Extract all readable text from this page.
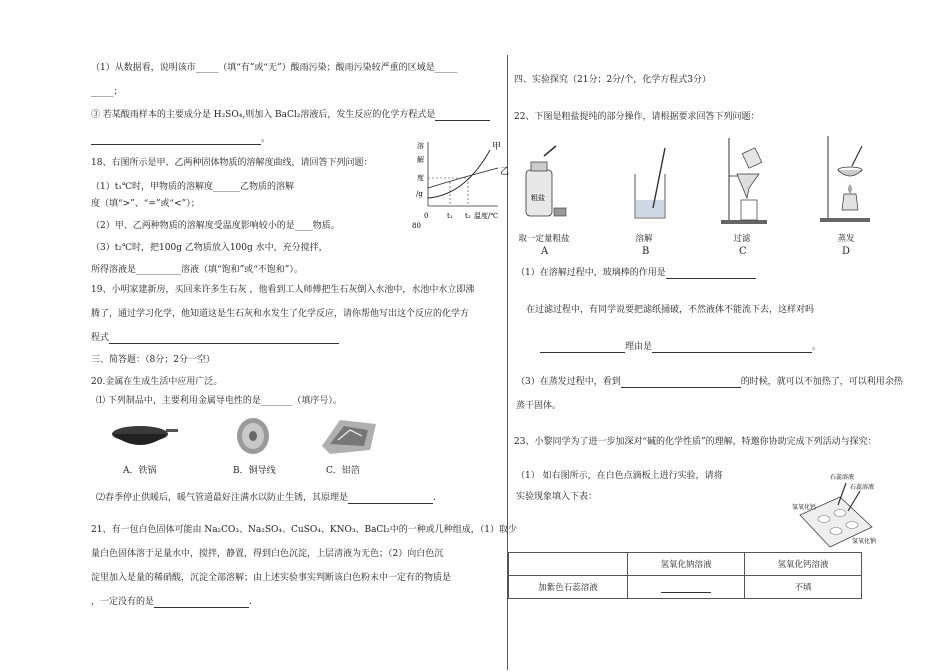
（1）从数据看，说明该市_____（填“有”或“无”）酸雨污染；酸雨污染较严重的区域是_____
_____；
③ 若某酸雨样本的主要成分是 H₂SO₄,则加入 BaCl₂溶液后，发生反应的化学方程式是
。
18、右图所示是甲、乙两种固体物质的溶解度曲线，请回答下列问题：
（1）t₁℃时，甲物质的溶解度______乙物质的溶解
度（填“>”、“=”或“<”）；
（2）甲、乙两种物质的溶解度受温度影响较小的是____物质。
（3）t₂℃时，把100g 乙物质放入100g 水中，充分搅拌，
所得溶液是__________溶液（填“饱和”或“不饱和”）。
溶
解
度
/g
80
0	t₁ t₂ 温度/℃
甲
乙
19、小明家建新房，买回来许多生石灰 ，他看到工人师傅把生石灰倒入水池中，水池中水立即沸
腾了，通过学习化学，他知道这是生石灰和水发生了化学反应，请你帮他写出这个反应的化学方
程式
三、简答题：（8分；2分一空）
20.金属在生成生活中应用广泛。
⑴ 下列制品中，主要利用金属导电性的是_______（填序号）。
A．铁锅	B．铜导线	C．铝箔
⑵春季停止供暖后，暖气管道最好注满水以防止生锈，其原理是	.
21、有一包白色固体可能由 Na₂CO₃、Na₂SO₄、CuSO₄、KNO₃、BaCl₂中的一种或几种组成，（1）取少
量白色固体溶于足量水中，搅拌，静置，得到白色沉淀，上层清液为无色；（2）向白色沉
淀里加入是量的稀硝酸，沉淀全部溶解；由上述实验事实判断该白色粉末中一定有的物质是
，一定没有的是	.
四、实验探究（21分；2分/个，化学方程式3分）
22、下图是粗盐提纯的部分操作，请根据要求回答下列问题：
粗盐
取一定量粗盐	溶解	过滤	蒸发
A	B	C	D
（1）在溶解过程中，玻璃棒的作用是
在过滤过程中，有同学说要把滤纸捅破，不然液体不能流下去，这样对吗
理由是	。
（3）在蒸发过程中，看到	的时候，就可以不加热了，可以利用余热
蒸干固体。
23、小黎同学为了进一步加深对“碱的化学性质”的理解，特邀你协助完成下列活动与探究：
（1） 如右图所示，在白色点滴板上进行实验，请将
实验现象填入下表：
石蕊溶液
石蕊溶液
氢氧化钙
氢氧化钠
	氢氧化钠溶液	氢氧化钙溶液
加紫色石蕊溶液		不填
